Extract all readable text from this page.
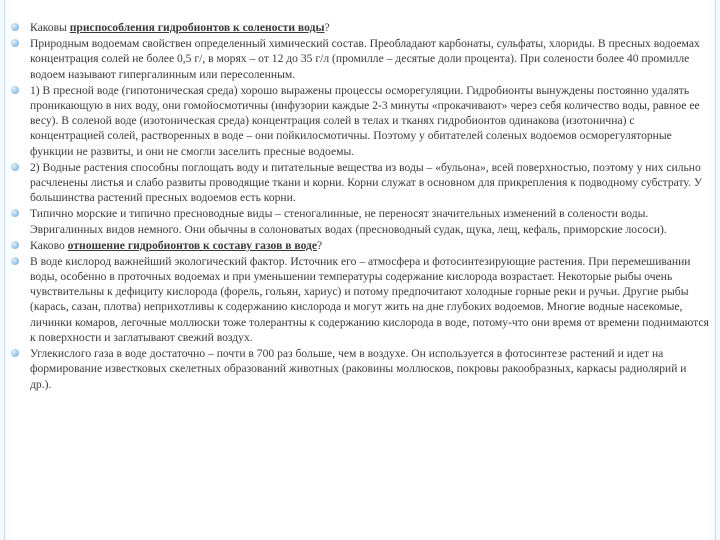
Каковы приспособления гидробионтов к солености воды?
Природным водоемам свойствен определенный химический состав. Преобладают карбонаты, сульфаты, хлориды. В пресных водоемах концентрация солей не более 0,5 г/, в морях – от 12 до 35 г/л (промилле – десятые доли процента). При солености более 40 промилле водоем называют гипергалинным или пересоленным.
1) В пресной воде (гипотоническая среда) хорошо выражены процессы осморегуляции. Гидробионты вынуждены постоянно удалять проникающую в них воду, они гомойосмотичны (инфузории каждые 2-3 минуты «прокачивают» через себя количество воды, равное ее весу). В соленой воде (изотоническая среда) концентрация солей в телах и тканях гидробионтов одинакова (изотонична) с концентрацией солей, растворенных в воде – они пойкилосмотичны. Поэтому у обитателей соленых водоемов осморегуляторные функции не развиты, и они не смогли заселить пресные водоемы.
2) Водные растения способны поглощать воду и питательные вещества из воды – «бульона», всей поверхностью, поэтому у них сильно расчленены листья и слабо развиты проводящие ткани и корни. Корни служат в основном для прикрепления к подводному субстрату. У большинства растений пресных водоемов есть корни.
Типично морские и типично пресноводные виды – стеногалинные, не переносят значительных изменений в солености воды. Эвригалинных видов немного. Они обычны в солоноватых водах (пресноводный судак, щука, лещ, кефаль, приморские лососи).
Каково отношение гидробионтов к составу газов в воде?
В воде кислород важнейший экологический фактор. Источник его – атмосфера и фотосинтезирующие растения. При перемешивании воды, особенно в проточных водоемах и при уменьшении температуры содержание кислорода возрастает. Некоторые рыбы очень чувствительны к дефициту кислорода (форель, гольян, хариус) и потому предпочитают холодные горные реки и ручьи. Другие рыбы (карась, сазан, плотва) неприхотливы к содержанию кислорода и могут жить на дне глубоких водоемов. Многие водные насекомые, личинки комаров, легочные моллюски тоже толерантны к содержанию кислорода в воде, потому-что они время от времени поднимаются к поверхности и заглатывают свежий воздух.
Углекислого газа в воде достаточно – почти в 700 раз больше, чем в воздухе. Он используется в фотосинтезе растений и идет на формирование известковых скелетных образований животных (раковины моллюсков, покровы ракообразных, каркасы радиолярий и др.).
